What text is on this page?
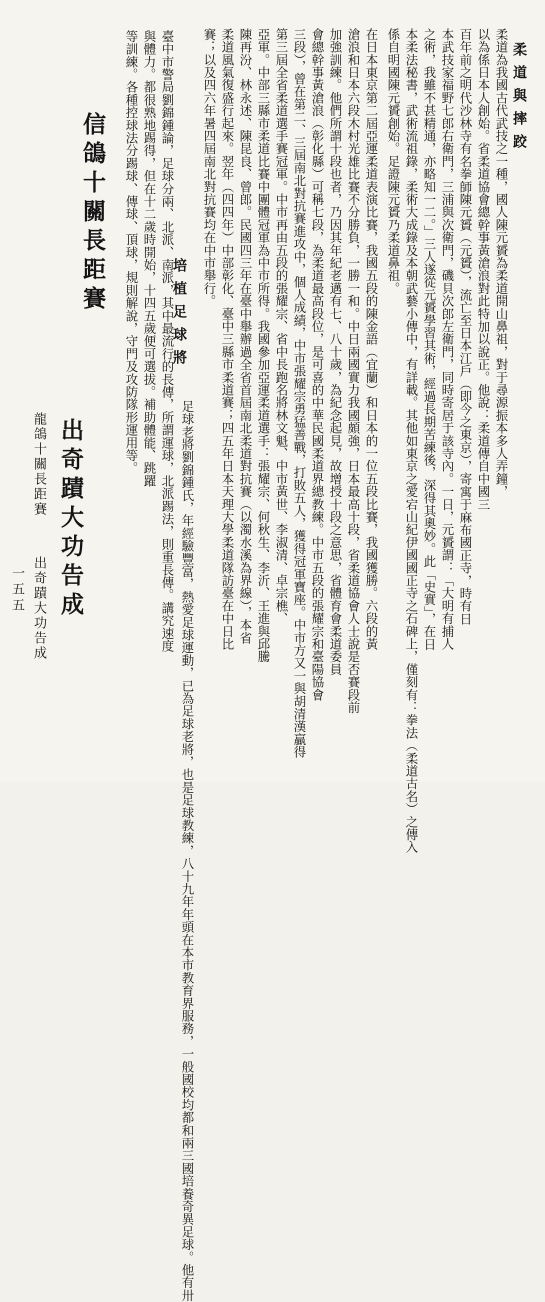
柔道與摔跤
柔道為我國古代武技之一種，國人陳元贇為柔道開山鼻祖，對于尋源振本多人弄鐘，
以為係日本人創始。省柔道協會總幹事黃滄浪對此特加以說正。他說：柔道傳自中國三
百年前之明代沙林寺有名拳師陳元贇（元贇），流亡至日本江戶（即今之東京），寄寓于麻布國正寺，時有日
本武技家福野七郎右衛門，三浦與次衛門，磯貝次郎左衛門，同時寄居于該寺內。一日，元贇謂：「大明有捕人
之術，我雖不甚精通，亦略知一二。」三人遂從元贇學習其術，經過長期苦練後，深得其奧妙。此「史實」，在日
本柔法秘書，武術流祖錄，柔術大成錄及本朝武藝小傳中，有詳載。其他如東京之愛宕山紀伊國國正寺之石碑上，僅刻有：拳法（柔道古名）之傳入
係自明國陳元贇創始。足證陳元贇乃柔道鼻祖。
在日本東京第二屆亞運柔道表演比賽，我國五段的陳金語（宜蘭）和日本的一位五段比賽，我國獲勝。六段的黃
滄浪和日本六段木村光雄比賽不分勝負，一勝一和。中日兩國實力我國頗強，日本最高十段，省柔道協會人士說是否賽段前
加強訓練。他們所謂十段也者，乃因其年紀老邁有七、八十歲，為紀念起見，故增授十段之意思，省體育會柔道委員
會總幹事黃滄浪（彰化縣）可稱七段，為柔道最高段位，是可喜的中華民國柔道界總教練。中市五段的張耀宗和臺陽協會
三段），曾在第二、三屆南北對抗賽進攻中，個人成績，中市張耀宗勇猛善戰，打敗五人，獲得冠軍寶座。中市方又一與胡清漢贏得
第三屆全省柔道選手賽冠軍。中市再由五段的張耀宗、省中長跑名將林文魁、中市黃世、李淑清、卓宗樵、
亞軍。中部三縣市柔道比賽中團體冠軍為中市所得。我國參加亞運柔道選手：張耀宗、何秋生、李沂、王進與邱騰
陳再汾、林永述、陳昆良、曾郎。民國四三年在臺中舉辦過全省首屆南北柔道對抗賽（以濁水溪為界線），本省
柔道風氣復盛行起來。翌年（四四年）中部彰化、臺中三縣市柔道賽；四五年日本天理大學柔道隊訪臺在中日比
賽；以及四六年暑四屆南北對抗賽均在中市舉行。
培植足球將
足球老將劉錦鍾氏，年經驗豐富，熱愛足球運動，已為足球老將，也是足球教練，八十九年年頭在本市教育界服務，一般國校均都和兩三國培養奇異足球。他有卅
臺中市警局劉錦鍾論，足球分兩、北派、南派，其中最流行的長傳，所謂運球，北派踢法，則重長傳。講究速度
與體力。都很熟地踢得，但在十二歲時開始，十四五歲便可選拔。補助體能、跳躍
等訓練。各種控球法分踢球、傳球、頂球，規則解說，守門及攻防隊形運用等。
信鴿十關長距賽
出奇蹟大功告成
龍鴿十關長距賽
出奇蹟大功告成
一五五
